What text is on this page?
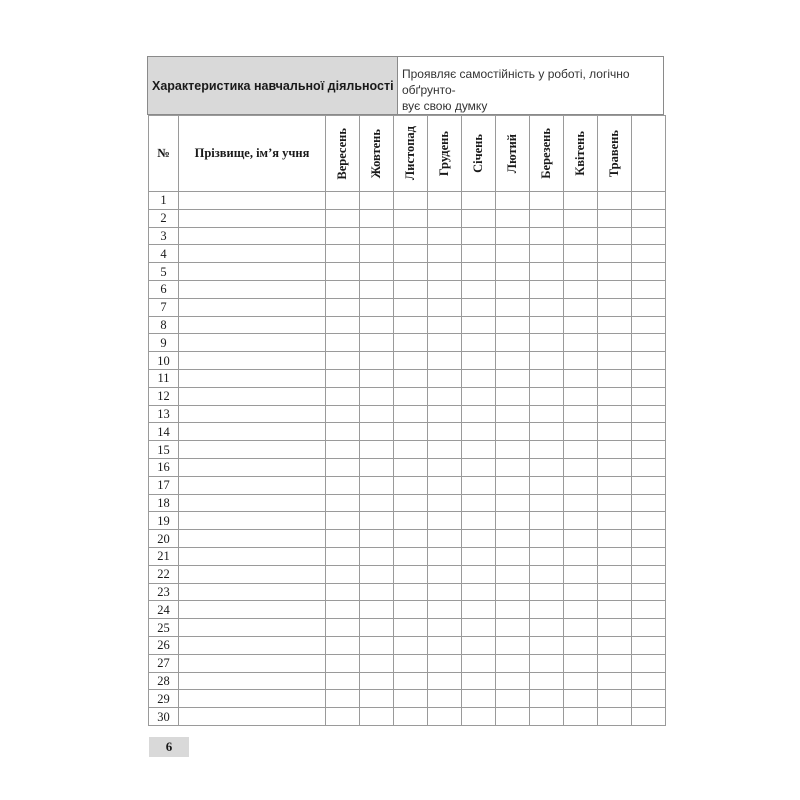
Характеристика навчальної діяльності	Проявляє самостійність у роботі, логічно обґрунто-
вує свою думку
№	Прізвище, ім’я учня	Вересень	Жовтень	Листопад	Грудень	Січень	Лютий	Березень	Квітень	Травень	

1											
2											
3											
4											
5											
6											
7											
8											
9											
10											
11											
12											
13											
14											
15											
16											
17											
18											
19											
20											
21											
22											
23											
24											
25											
26											
27											
28											
29											
30											
6
